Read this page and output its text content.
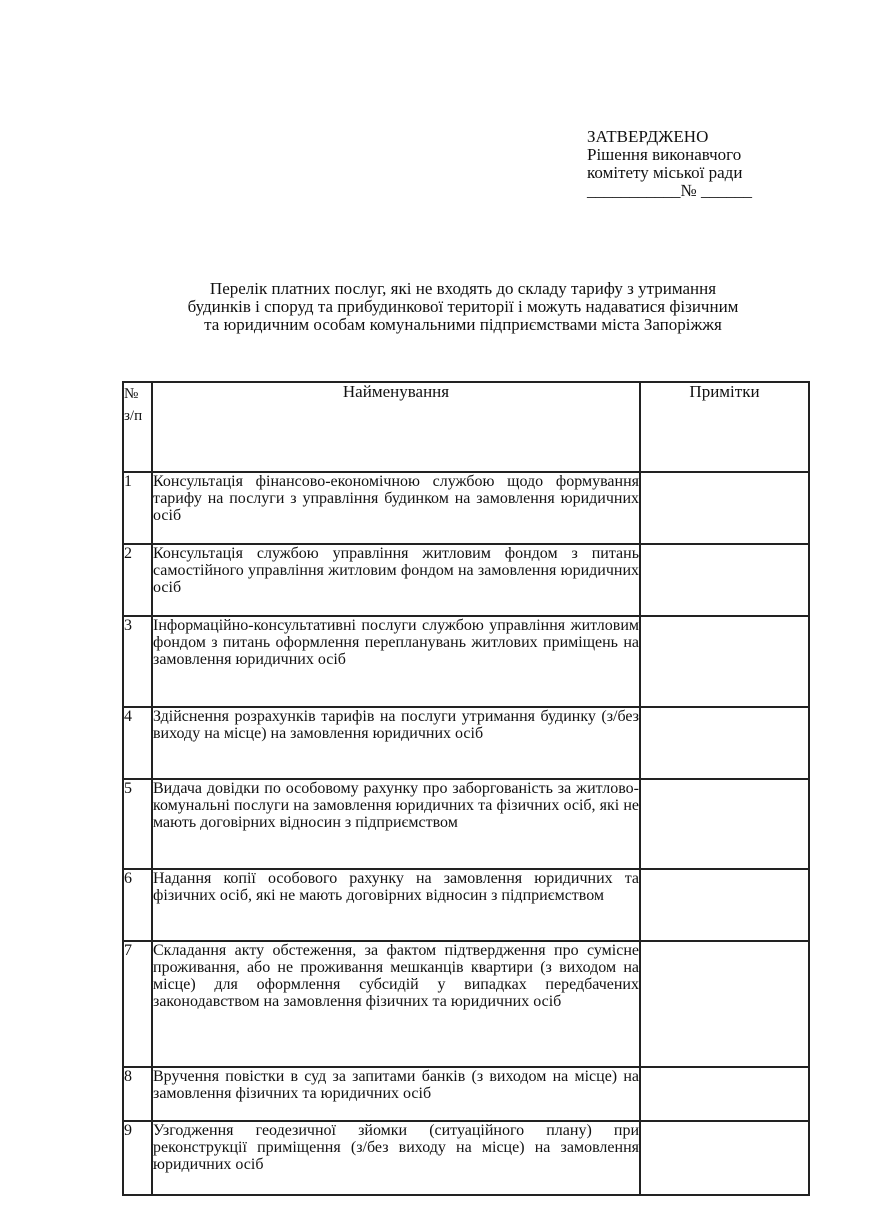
ЗАТВЕРДЖЕНО
Рішення виконавчого
комітету міської ради
___________№ ______
Перелік платних послуг, які не входять до складу тарифу з утримання
будинків і споруд та прибудинкової території і можуть надаватися фізичним
та юридичним особам комунальними підприємствами міста Запоріжжя
№
з/п	Найменування	Примітки
1	Консультація фінансово-економічною службою щодо формування тарифу на послуги з управління будинком на замовлення юридичних осіб	
2	Консультація службою управління житловим фондом з питань самостійного управління житловим фондом на замовлення юридичних осіб	
3	Інформаційно-консультативні послуги службою управління житловим фондом з питань оформлення перепланувань житлових приміщень на замовлення юридичних осіб	
4	Здійснення розрахунків тарифів на послуги утримання будинку (з/без виходу на місце) на замовлення юридичних осіб	
5	Видача довідки по особовому рахунку про заборгованість за житлово-комунальні послуги на замовлення юридичних та фізичних осіб, які не мають договірних відносин з підприємством	
6	Надання копії особового рахунку на замовлення юридичних та фізичних осіб, які не мають договірних відносин з підприємством	
7	Складання акту обстеження, за фактом підтвердження про сумісне проживання, або не проживання мешканців квартири (з виходом на місце) для оформлення субсидій у випадках передбачених законодавством на замовлення фізичних та юридичних осіб	
8	Вручення повістки в суд за запитами банків (з виходом на місце) на замовлення фізичних та юридичних осіб	
9	Узгодження геодезичної зйомки (ситуаційного плану) при реконструкції приміщення (з/без виходу на місце) на замовлення юридичних осіб	
